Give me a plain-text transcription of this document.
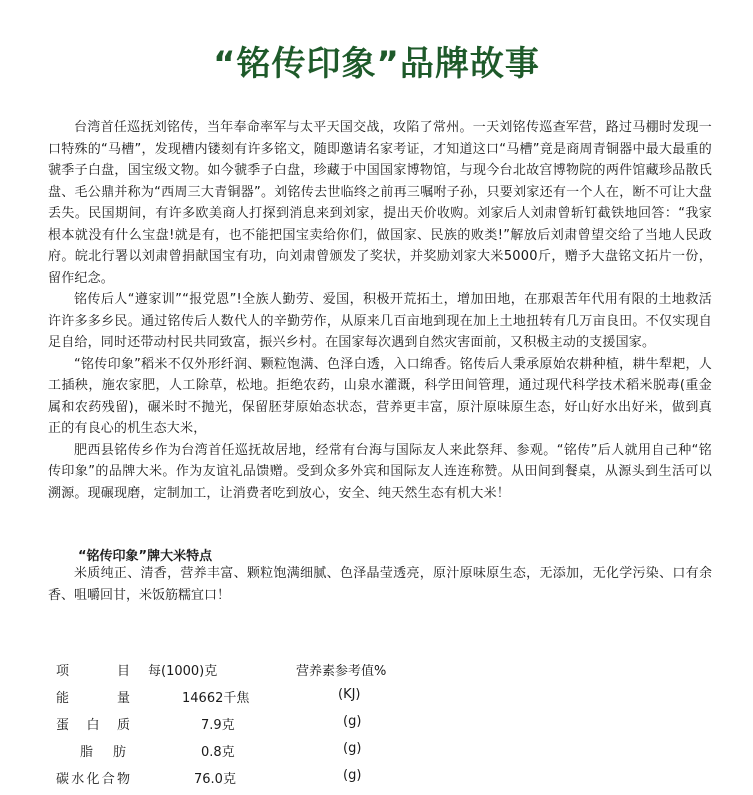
“铭传印象”品牌故事

台湾首任巡抚刘铭传，当年奉命率军与太平天国交战，攻陷了常州。一天刘铭传巡查军营，路过马棚时发现一口特殊的“马槽”，发现槽内镂刻有许多铭文，随即邀请名家考证，才知道这口“马槽”竟是商周青铜器中最大最重的虢季子白盘，国宝级文物。如今虢季子白盘，珍藏于中国国家博物馆，与现今台北故宫博物院的两件馆藏珍品散氏盘、毛公鼎并称为“西周三大青铜器”。刘铭传去世临终之前再三嘱咐子孙，只要刘家还有一个人在，断不可让大盘丢失。民国期间，有许多欧美商人打探到消息来到刘家，提出天价收购。刘家后人刘肃曾斩钉截铁地回答：“我家根本就没有什么宝盘!就是有，也不能把国宝卖给你们，做国家、民族的败类!”解放后刘肃曾望交给了当地人民政府。皖北行署以刘肃曾捐献国宝有功，向刘肃曾颁发了奖状，并奖励刘家大米5000斤，赠予大盘铭文拓片一份，留作纪念。

铭传后人“遵家训”“报党恩”!全族人勤劳、爱国，积极开荒拓土，增加田地，在那艰苦年代用有限的土地救活许许多多乡民。通过铭传后人数代人的辛勤劳作，从原来几百亩地到现在加上土地扭转有几万亩良田。不仅实现自足自给，同时还带动村民共同致富，振兴乡村。在国家每次遇到自然灾害面前，又积极主动的支援国家。

“铭传印象”稻米不仅外形纤润、颗粒饱满、色泽白透，入口绵香。铭传后人秉承原始农耕种植，耕牛犁耙，人工插秧，施农家肥，人工除草，松地。拒绝农药，山泉水灌溉，科学田间管理，通过现代科学技术稻米脱毒(重金属和农药残留)，碾米时不抛光，保留胚芽原始态状态，营养更丰富，原汁原味原生态，好山好水出好米，做到真正的有良心的机生态大米，

肥西县铭传乡作为台湾首任巡抚故居地，经常有台海与国际友人来此祭拜、参观。“铭传”后人就用自己种“铭传印象”的品牌大米。作为友谊礼品馈赠。受到众多外宾和国际友人连连称赞。从田间到餐桌，从源头到生活可以溯源。现碾现磨，定制加工，让消费者吃到放心，安全、纯天然生态有机大米！

“铭传印象”牌大米特点

米质纯正、清香，营养丰富、颗粒饱满细腻、色泽晶莹透亮，原汁原味原生态，无添加，无化学污染、口有余香、咀嚼回甘，米饭筋糯宜口！

项目 每(1000)克	营养素参考值%
能量	14662千焦	(KJ)
蛋白质	7.9克	(g)
脂肪	0.8克	(g)
碳水化合物	76.0克	(g)
